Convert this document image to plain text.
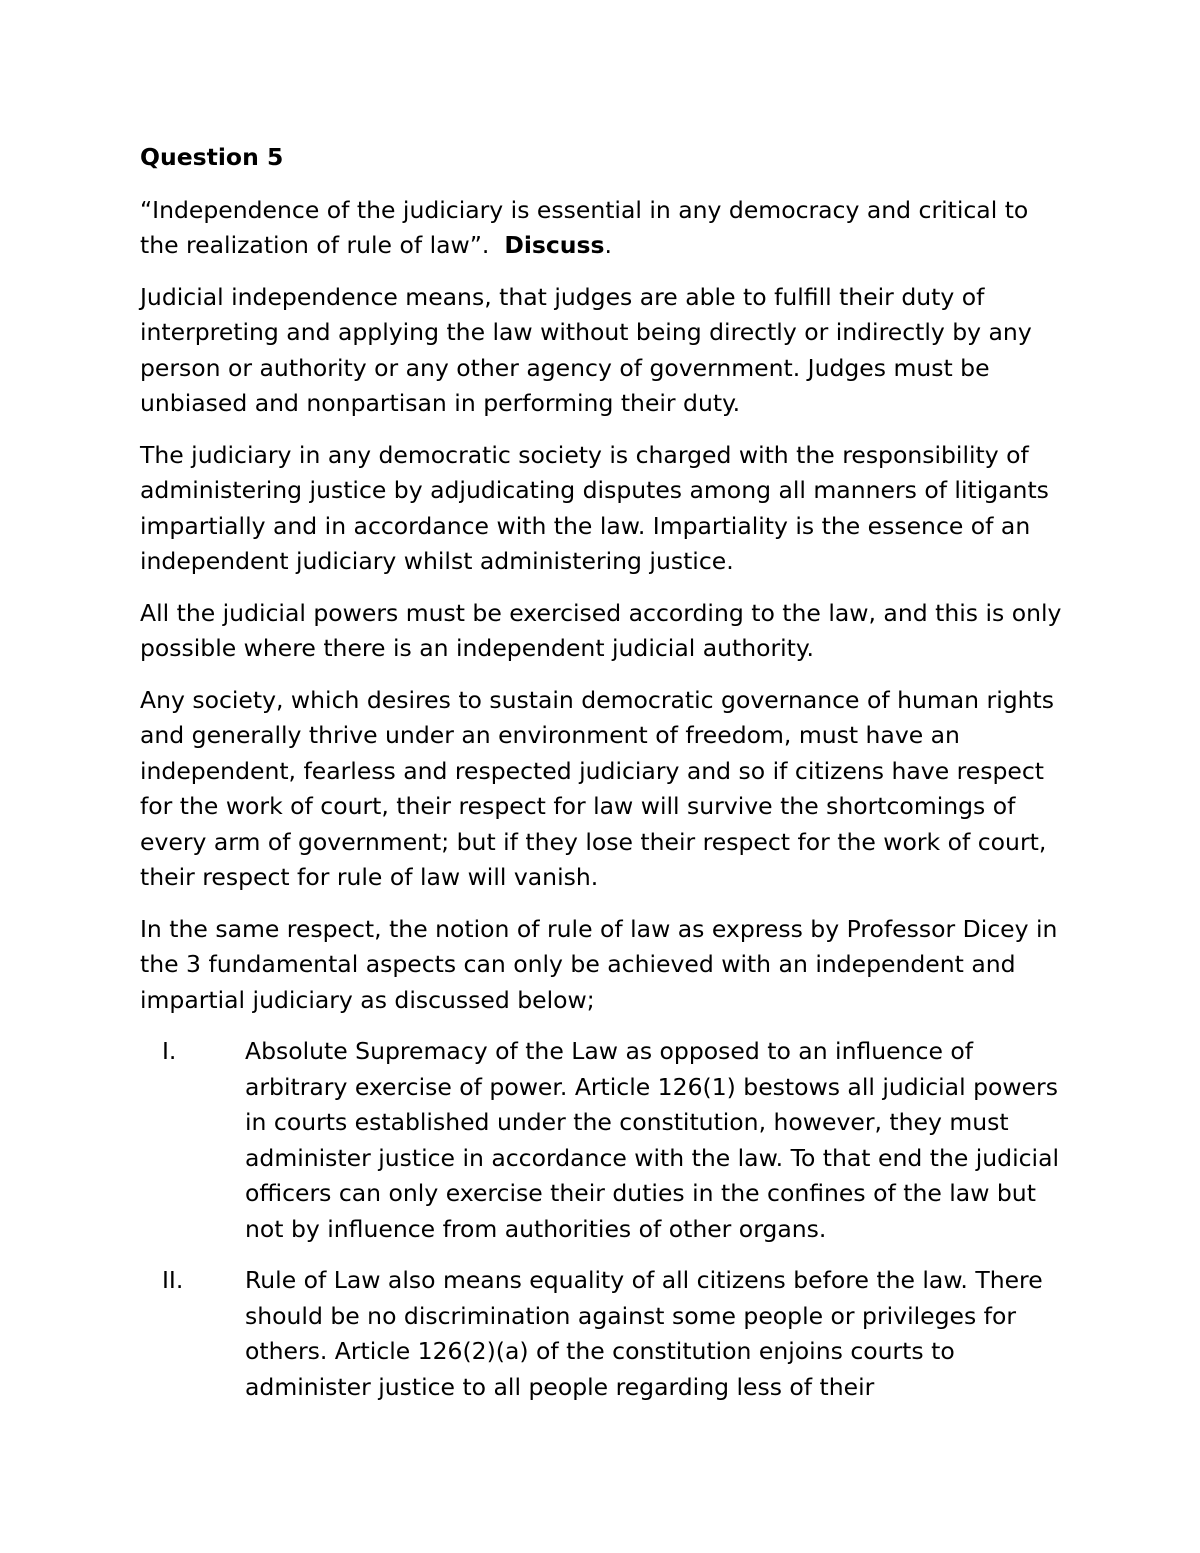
Question 5

“Independence of the judiciary is essential in any democracy and critical to the realization of rule of law”. Discuss.

Judicial independence means, that judges are able to fulfill their duty of interpreting and applying the law without being directly or indirectly by any person or authority or any other agency of government. Judges must be unbiased and nonpartisan in performing their duty.

The judiciary in any democratic society is charged with the responsibility of administering justice by adjudicating disputes among all manners of litigants impartially and in accordance with the law. Impartiality is the essence of an independent judiciary whilst administering justice.

All the judicial powers must be exercised according to the law, and this is only possible where there is an independent judicial authority.

Any society, which desires to sustain democratic governance of human rights and generally thrive under an environment of freedom, must have an independent, fearless and respected judiciary and so if citizens have respect for the work of court, their respect for law will survive the shortcomings of every arm of government; but if they lose their respect for the work of court, their respect for rule of law will vanish.

In the same respect, the notion of rule of law as express by Professor Dicey in the 3 fundamental aspects can only be achieved with an independent and impartial judiciary as discussed below;

I.	Absolute Supremacy of the Law as opposed to an influence of arbitrary exercise of power. Article 126(1) bestows all judicial powers in courts established under the constitution, however, they must administer justice in accordance with the law. To that end the judicial officers can only exercise their duties in the confines of the law but not by influence from authorities of other organs.
II.	Rule of Law also means equality of all citizens before the law. There should be no discrimination against some people or privileges for others. Article 126(2)(a) of the constitution enjoins courts to administer justice to all people regarding less of their
